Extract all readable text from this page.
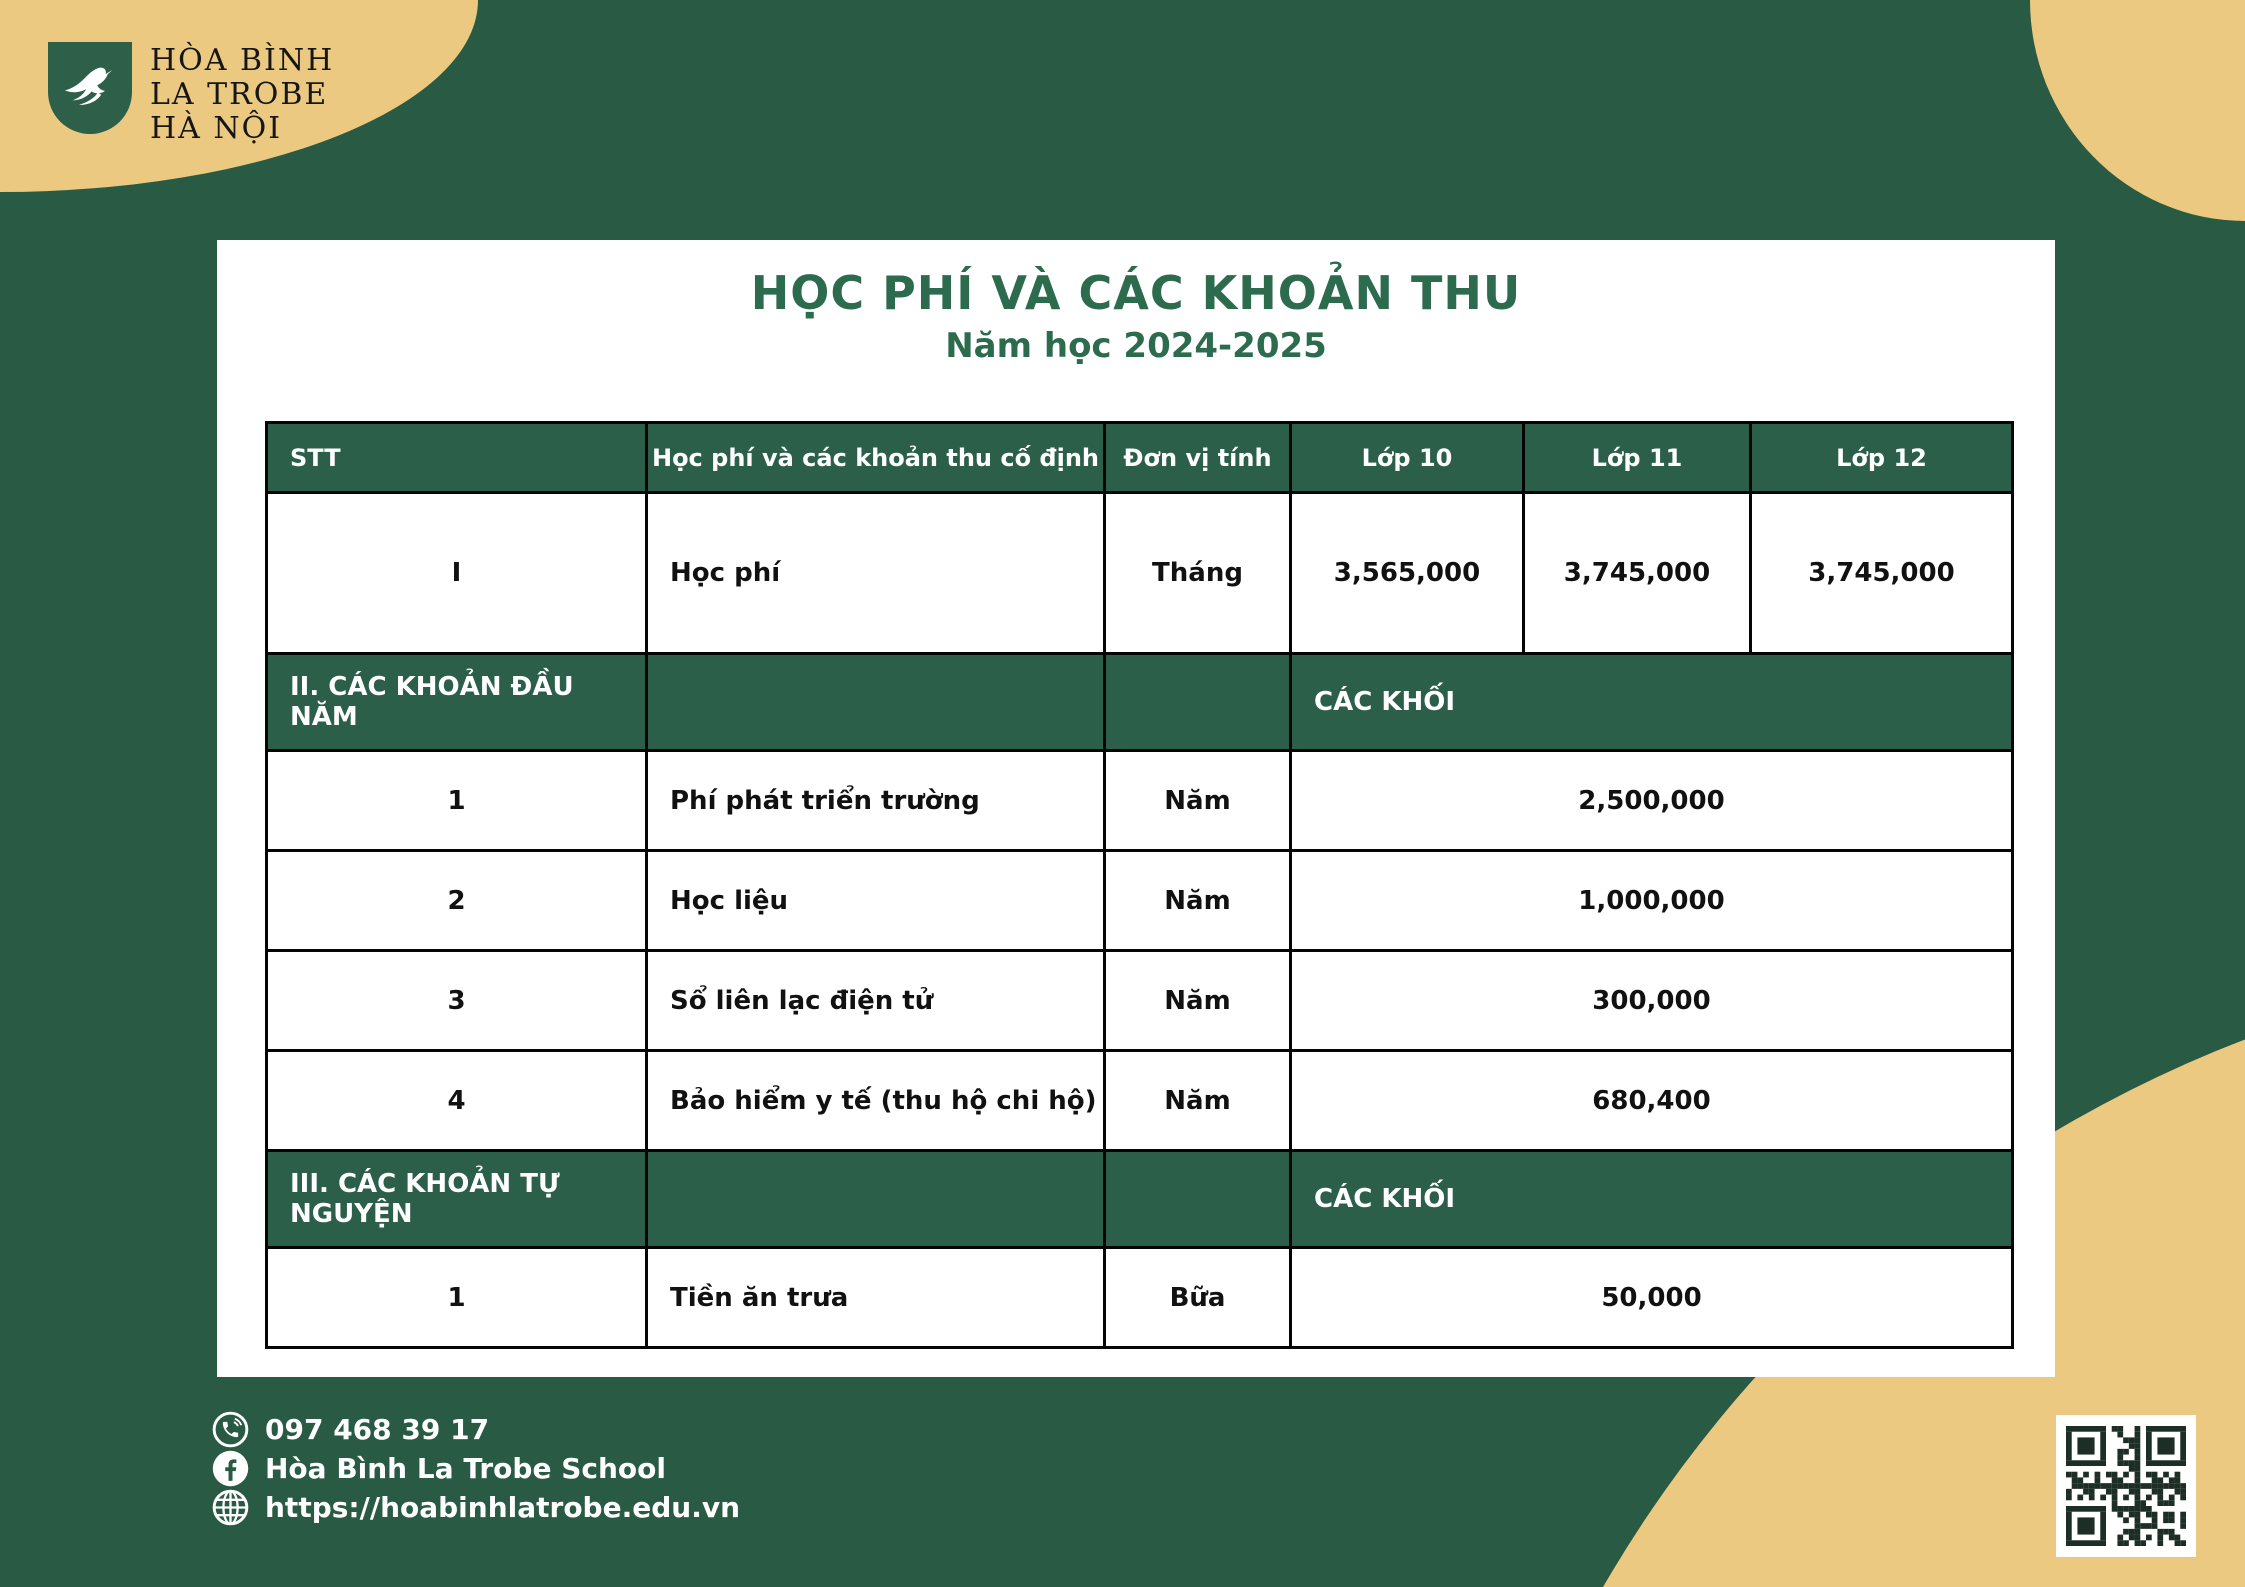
HÒA BÌNH
LA TROBE
HÀ NỘI
HỌC PHÍ VÀ CÁC KHOẢN THU
Năm học 2024-2025
STT	Học phí và các khoản thu cố định	Đơn vị tính	Lớp 10	Lớp 11	Lớp 12
I	Học phí	Tháng	3,565,000	3,745,000	3,745,000
II. CÁC KHOẢN ĐẦU NĂM			CÁC KHỐI		
1	Phí phát triển trường	Năm	2,500,000		
2	Học liệu	Năm	1,000,000		
3	Sổ liên lạc điện tử	Năm	300,000		
4	Bảo hiểm y tế (thu hộ chi hộ)	Năm	680,400		
III. CÁC KHOẢN TỰ NGUYỆN			CÁC KHỐI		
1	Tiền ăn trưa	Bữa	50,000		
097 468 39 17
Hòa Bình La Trobe School
https://hoabinhlatrobe.edu.vn
